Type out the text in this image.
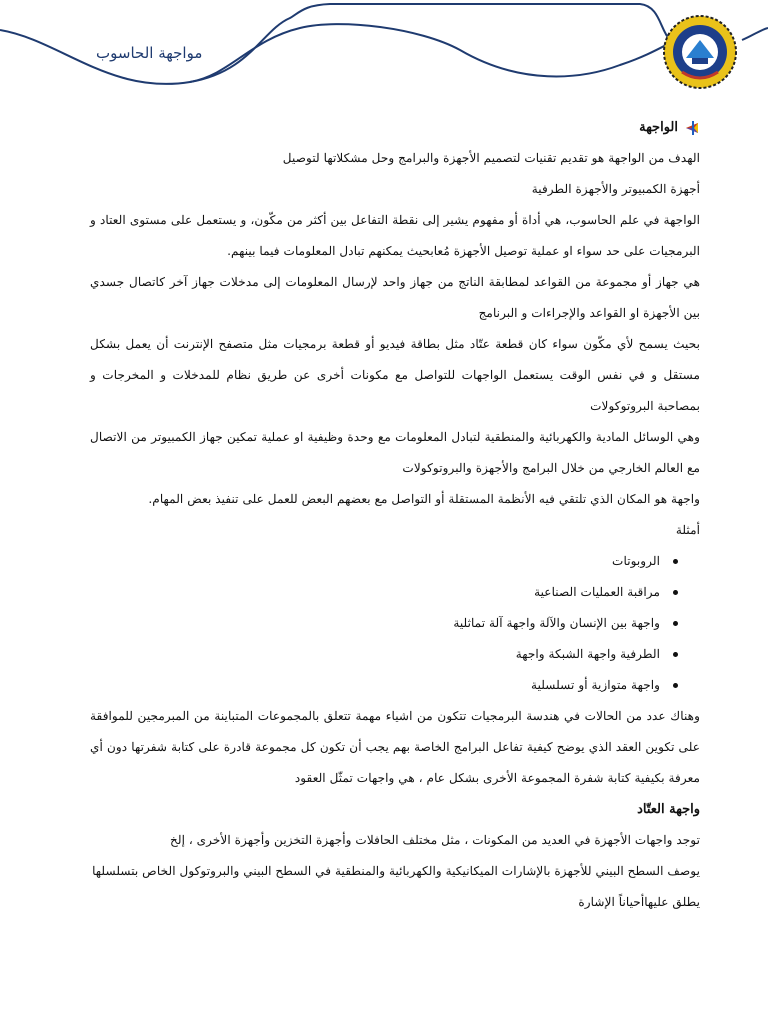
مواجهة الحاسوب
الواجهة

الهدف من الواجهة هو تقديم تقنيات لتصميم الأجهزة والبرامج وحل مشكلاتها لتوصيل

أجهزة الكمبيوتر والأجهزة الطرفية

الواجهة في علم الحاسوب، هي أداة أو مفهوم يشير إلى نقطة التفاعل بين أكثر من مكّون، و يستعمل على مستوى العتاد و البرمجيات على حد سواء او عملية توصيل الأجهزة مُعابحيث يمكنهم تبادل المعلومات فيما بينهم.

هي جهاز أو مجموعة من القواعد لمطابقة الناتج من جهاز واحد لإرسال المعلومات إلى مدخلات جهاز آخر كاتصال جسدي بين الأجهزة او القواعد والإجراءات و البرنامج

بحيث يسمح لأي مكّون سواء كان قطعة عتّاد مثل بطاقة فيديو أو قطعة برمجيات مثل متصفح الإنترنت أن يعمل بشكل مستقل و في نفس الوقت يستعمل الواجهات للتواصل مع مكونات أخرى عن طريق نظام للمدخلات و المخرجات و بمصاحبة البروتوكولات

وهي الوسائل المادية والكهربائية والمنطقية لتبادل المعلومات مع وحدة وظيفية او عملية تمكين جهاز الكمبيوتر من الاتصال مع العالم الخارجي من خلال البرامج والأجهزة والبروتوكولات

واجهة هو المكان الذي تلتقي فيه الأنظمة المستقلة أو التواصل مع بعضهم البعض للعمل على تنفيذ بعض المهام.

أمثلة

الروبوتات
مراقبة العمليات الصناعية
واجهة بين الإنسان والآلة واجهة آلة تماثلية
الطرفية واجهة الشبكة واجهة
واجهة متوازية أو تسلسلية

وهناك عدد من الحالات في هندسة البرمجيات تتكون من اشياء مهمة تتعلق بالمجموعات المتباينة من المبرمجين للموافقة على تكوين العقد الذي يوضح كيفية تفاعل البرامج الخاصة بهم يجب أن تكون كل مجموعة قادرة على كتابة شفرتها دون أي معرفة بكيفية كتابة شفرة المجموعة الأخرى بشكل عام ، هي واجهات تمثّل العقود

واجهة العتّاد

توجد واجهات الأجهزة في العديد من المكونات ، مثل مختلف الحافلات وأجهزة التخزين وأجهزة الأخرى ، إلخ

يوصف السطح البيني للأجهزة بالإشارات الميكانيكية والكهربائية والمنطقية في السطح البيني والبروتوكول الخاص بتسلسلها

يطلق عليهاأحياناً الإشارة
